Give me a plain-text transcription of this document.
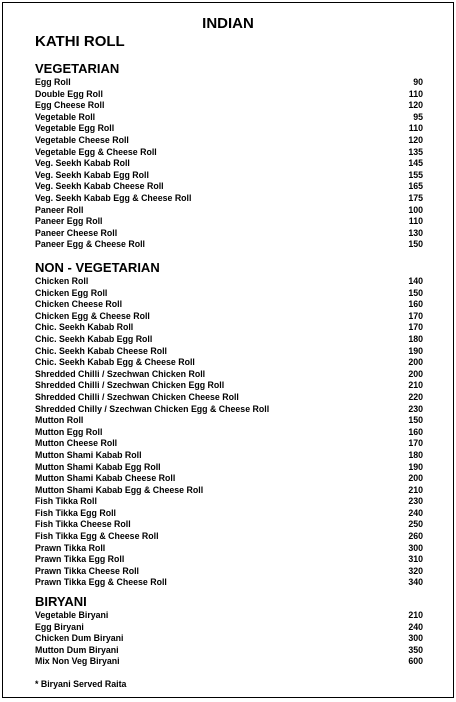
INDIAN
KATHI ROLL
VEGETARIAN
Egg Roll	90
Double Egg Roll	110
Egg Cheese Roll	120
Vegetable Roll	95
Vegetable Egg Roll	110
Vegetable Cheese Roll	120
Vegetable Egg & Cheese Roll	135
Veg. Seekh Kabab Roll	145
Veg. Seekh Kabab Egg Roll	155
Veg. Seekh Kabab Cheese Roll	165
Veg. Seekh Kabab Egg & Cheese Roll	175
Paneer Roll	100
Paneer Egg Roll	110
Paneer Cheese Roll	130
Paneer Egg & Cheese Roll	150
NON - VEGETARIAN
Chicken Roll	140
Chicken Egg Roll	150
Chicken Cheese Roll	160
Chicken Egg & Cheese Roll	170
Chic. Seekh Kabab Roll	170
Chic. Seekh Kabab Egg Roll	180
Chic. Seekh Kabab Cheese Roll	190
Chic. Seekh Kabab Egg & Cheese Roll	200
Shredded Chilli / Szechwan Chicken Roll	200
Shredded Chilli / Szechwan Chicken Egg Roll	210
Shredded Chilli / Szechwan Chicken Cheese Roll	220
Shredded Chilly / Szechwan Chicken Egg & Cheese Roll	230
Mutton Roll	150
Mutton Egg Roll	160
Mutton Cheese Roll	170
Mutton Shami Kabab Roll	180
Mutton Shami Kabab Egg Roll	190
Mutton Shami Kabab Cheese Roll	200
Mutton Shami Kabab Egg & Cheese Roll	210
Fish Tikka Roll	230
Fish Tikka Egg Roll	240
Fish Tikka Cheese Roll	250
Fish Tikka Egg & Cheese Roll	260
Prawn Tikka Roll	300
Prawn Tikka Egg Roll	310
Prawn Tikka Cheese Roll	320
Prawn Tikka Egg & Cheese Roll	340
BIRYANI
Vegetable Biryani	210
Egg Biryani	240
Chicken Dum Biryani	300
Mutton Dum Biryani	350
Mix Non Veg Biryani	600
* Biryani Served Raita
